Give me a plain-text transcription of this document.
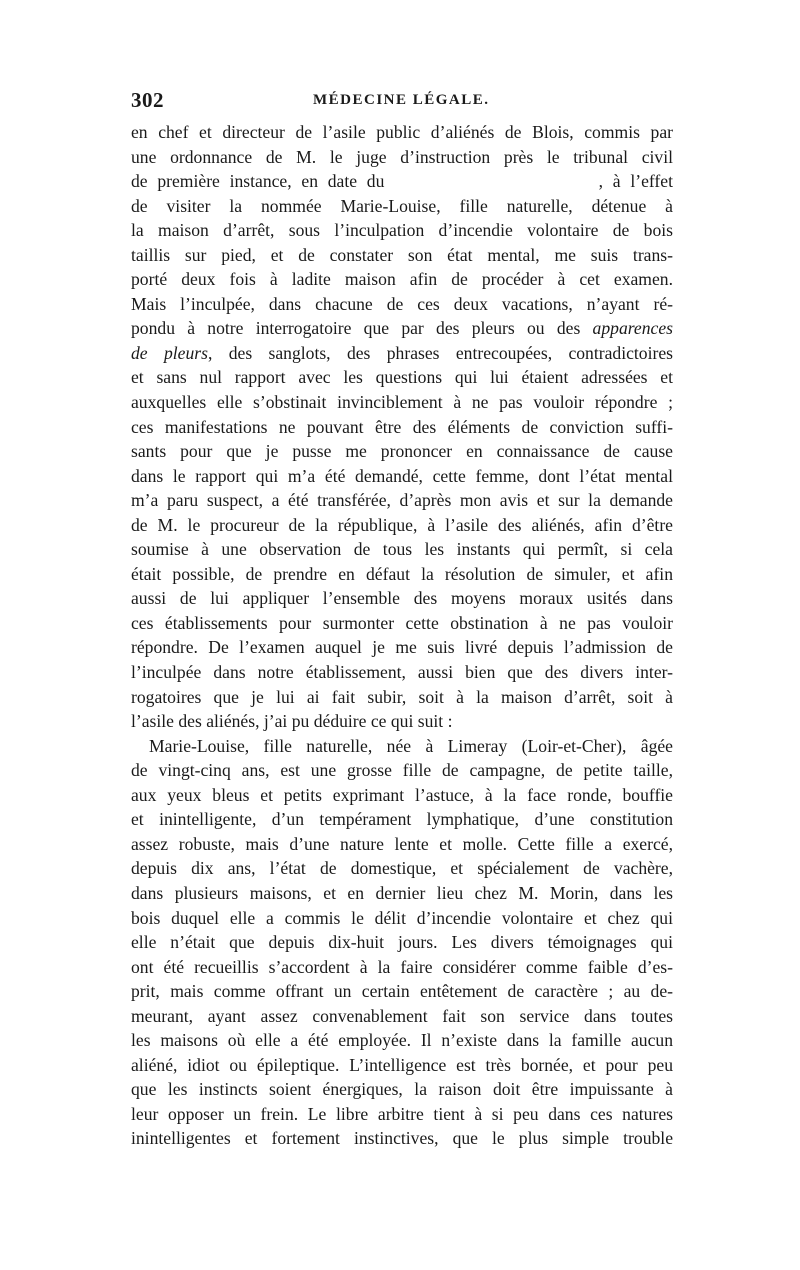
302	MÉDECINE LÉGALE.
en chef et directeur de l’asile public d’aliénés de Blois, commis par
une ordonnance de M. le juge d’instruction près le tribunal civil
de première instance, en date du                      , à l’effet
de visiter la nommée Marie-Louise, fille naturelle, détenue à
la maison d’arrêt, sous l’inculpation d’incendie volontaire de bois
taillis sur pied, et de constater son état mental, me suis trans-
porté deux fois à ladite maison afin de procéder à cet examen.
Mais l’inculpée, dans chacune de ces deux vacations, n’ayant ré-
pondu à notre interrogatoire que par des pleurs ou des apparences
de pleurs, des sanglots, des phrases entrecoupées, contradictoires
et sans nul rapport avec les questions qui lui étaient adressées et
auxquelles elle s’obstinait invinciblement à ne pas vouloir répondre ;
ces manifestations ne pouvant être des éléments de conviction suffi-
sants pour que je pusse me prononcer en connaissance de cause
dans le rapport qui m’a été demandé, cette femme, dont l’état mental
m’a paru suspect, a été transférée, d’après mon avis et sur la demande
de M. le procureur de la république, à l’asile des aliénés, afin d’être
soumise à une observation de tous les instants qui permît, si cela
était possible, de prendre en défaut la résolution de simuler, et afin
aussi de lui appliquer l’ensemble des moyens moraux usités dans
ces établissements pour surmonter cette obstination à ne pas vouloir
répondre. De l’examen auquel je me suis livré depuis l’admission de
l’inculpée dans notre établissement, aussi bien que des divers inter-
rogatoires que je lui ai fait subir, soit à la maison d’arrêt, soit à
l’asile des aliénés, j’ai pu déduire ce qui suit :
Marie-Louise, fille naturelle, née à Limeray (Loir-et-Cher), âgée
de vingt-cinq ans, est une grosse fille de campagne, de petite taille,
aux yeux bleus et petits exprimant l’astuce, à la face ronde, bouffie
et inintelligente, d’un tempérament lymphatique, d’une constitution
assez robuste, mais d’une nature lente et molle. Cette fille a exercé,
depuis dix ans, l’état de domestique, et spécialement de vachère,
dans plusieurs maisons, et en dernier lieu chez M. Morin, dans les
bois duquel elle a commis le délit d’incendie volontaire et chez qui
elle n’était que depuis dix-huit jours. Les divers témoignages qui
ont été recueillis s’accordent à la faire considérer comme faible d’es-
prit, mais comme offrant un certain entêtement de caractère ; au de-
meurant, ayant assez convenablement fait son service dans toutes
les maisons où elle a été employée. Il n’existe dans la famille aucun
aliéné, idiot ou épileptique. L’intelligence est très bornée, et pour peu
que les instincts soient énergiques, la raison doit être impuissante à
leur opposer un frein. Le libre arbitre tient à si peu dans ces natures
inintelligentes et fortement instinctives, que le plus simple trouble
